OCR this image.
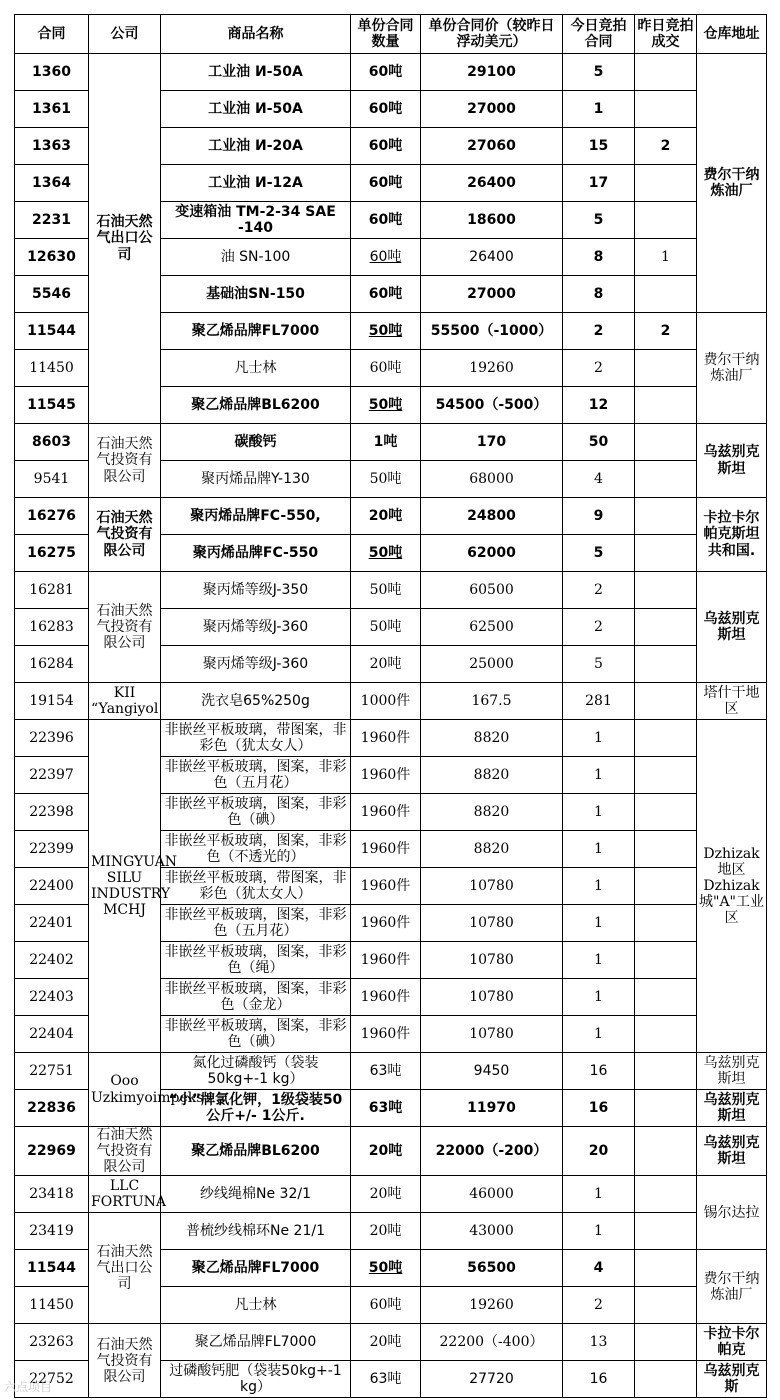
合同	公司	商品名称	单份合同数量	单份合同价（较昨日浮动美元）	今日竞拍合同	昨日竞拍成交	仓库地址
1360	石油天然气出口公司	工业油 И-50А	60吨	29100	5		费尔干纳炼油厂
1361		工业油 И-50А	60吨	27000	1		
1363		工业油 И-20А	60吨	27060	15	2	
1364		工业油 И-12А	60吨	26400	17		
2231		变速箱油 ТМ-2-34 SAE -140	60吨	18600	5		
12630		油 SN-100	60吨	26400	8	1	
5546		基础油SN-150	60吨	27000	8		
11544		聚乙烯品牌FL7000	50吨	55500（-1000）	2	2	费尔干纳炼油厂
11450		凡士林	60吨	19260	2		
11545		聚乙烯品牌BL6200	50吨	54500（-500）	12		
8603	石油天然气投资有限公司	碳酸钙	1吨	170	50		乌兹别克斯坦
9541		聚丙烯品牌Y-130	50吨	68000	4		
16276	石油天然气投资有限公司	聚丙烯品牌FC-550,	20吨	24800	9		卡拉卡尔帕克斯坦共和国.
16275		聚丙烯品牌FC-550	50吨	62000	5		
16281	石油天然气投资有限公司	聚丙烯等级J-350	50吨	60500	2		乌兹别克斯坦
16283		聚丙烯等级J-360	50吨	62500	2		
16284		聚丙烯等级J-360	20吨	25000	5		
19154	KII “Yangiyol	洗衣皂65%250g	1000件	167.5	281		塔什干地区
22396	MINGYUAN SILU INDUSTRY MCHJ	非嵌丝平板玻璃，带图案，非彩色（犹太女人）	1960件	8820	1		Dzhizak地区Dzhizak城"A"工业区
22397		非嵌丝平板玻璃，图案，非彩色（五月花）	1960件	8820	1		
22398		非嵌丝平板玻璃，图案，非彩色（碘）	1960件	8820	1		
22399		非嵌丝平板玻璃，图案，非彩色（不透光的）	1960件	8820	1		
22400		非嵌丝平板玻璃，带图案，非彩色（犹太女人）	1960件	10780	1		
22401		非嵌丝平板玻璃，图案，非彩色（五月花）	1960件	10780	1		
22402		非嵌丝平板玻璃，图案，非彩色（绳）	1960件	10780	1		
22403		非嵌丝平板玻璃，图案，非彩色（金龙）	1960件	10780	1		
22404		非嵌丝平板玻璃，图案，非彩色（碘）	1960件	10780	1		
22751	Ooo Uzkimyoimpeks	氮化过磷酸钙（袋装50kg+-1 kg）	63吨	9450	16		乌兹别克斯坦
22836		“小”牌氯化钾，1级袋装50公斤+/- 1公斤.	63吨	11970	16		乌兹别克斯坦
22969	石油天然气投资有限公司	聚乙烯品牌BL6200	20吨	22000（-200）	20		乌兹别克斯坦
23418	LLC FORTUNA	纱线绳棉Ne 32/1	20吨	46000	1		锡尔达拉
23419	石油天然气出口公司	普梳纱线棉环Ne 21/1	20吨	43000	1		
11544		聚乙烯品牌FL7000	50吨	56500	4		费尔干纳炼油厂
11450		凡士林	60吨	19260	2		
23263	石油天然气投资有限公司	聚乙烯品牌FL7000	20吨	22200（-400）	13		卡拉卡尔帕克
22752		过磷酸钙肥（袋装50kg+-1 kg）	63吨	27720	16		乌兹别克斯
六点项目
